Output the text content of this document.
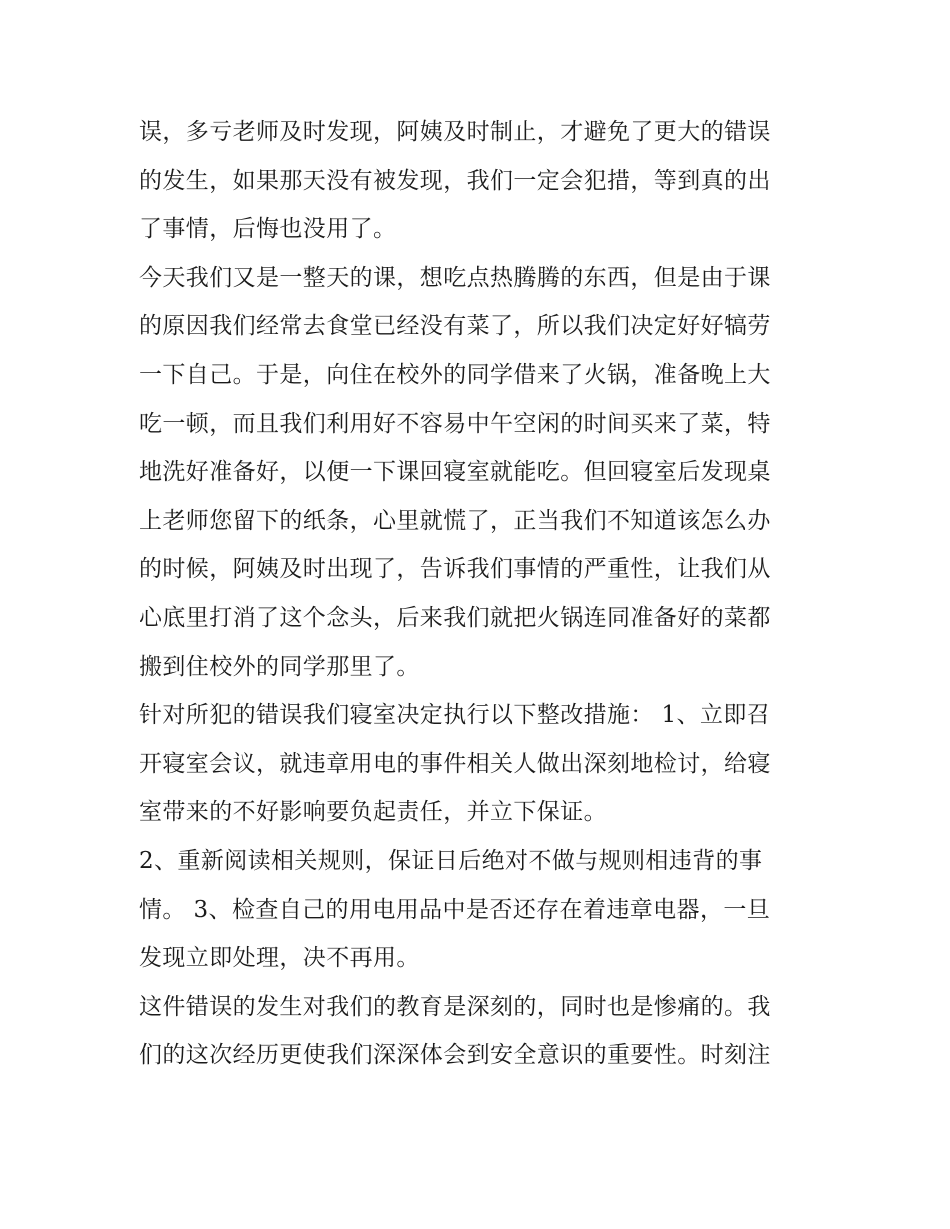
误，多亏老师及时发现，阿姨及时制止，才避免了更大的错误
的发生，如果那天没有被发现，我们一定会犯措，等到真的出
了事情，后悔也没用了。
今天我们又是一整天的课，想吃点热腾腾的东西，但是由于课
的原因我们经常去食堂已经没有菜了，所以我们决定好好犒劳
一下自己。于是，向住在校外的同学借来了火锅，准备晚上大
吃一顿，而且我们利用好不容易中午空闲的时间买来了菜，特
地洗好准备好，以便一下课回寝室就能吃。但回寝室后发现桌
上老师您留下的纸条，心里就慌了，正当我们不知道该怎么办
的时候，阿姨及时出现了，告诉我们事情的严重性，让我们从
心底里打消了这个念头，后来我们就把火锅连同准备好的菜都
搬到住校外的同学那里了。
针对所犯的错误我们寝室决定执行以下整改措施： 1、立即召
开寝室会议，就违章用电的事件相关人做出深刻地检讨，给寝
室带来的不好影响要负起责任，并立下保证。
2、重新阅读相关规则，保证日后绝对不做与规则相违背的事
情。 3、检查自己的用电用品中是否还存在着违章电器，一旦
发现立即处理，决不再用。
这件错误的发生对我们的教育是深刻的，同时也是惨痛的。我
们的这次经历更使我们深深体会到安全意识的重要性。时刻注
